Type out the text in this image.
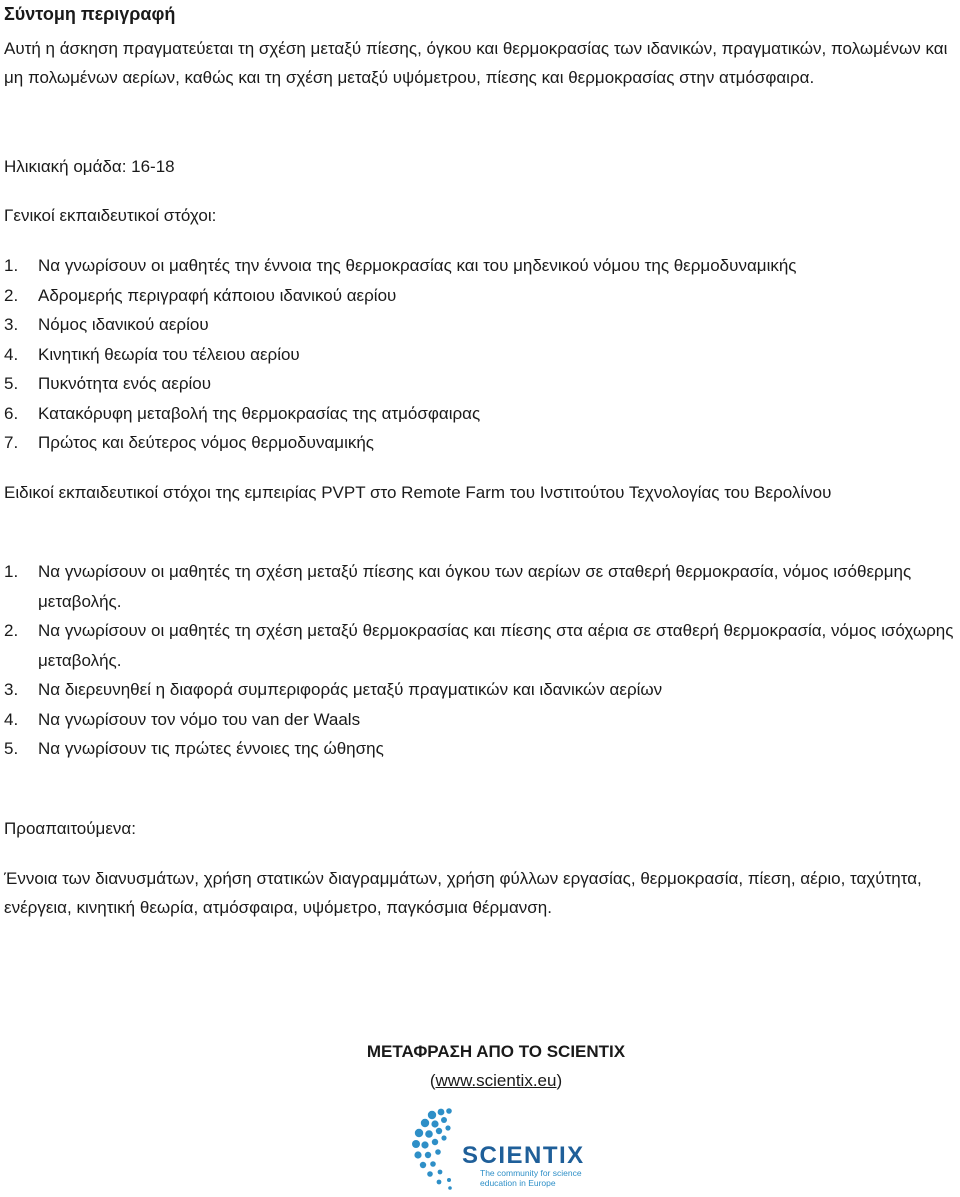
Σύντομη περιγραφή
Αυτή η άσκηση πραγματεύεται τη σχέση μεταξύ πίεσης, όγκου και θερμοκρασίας των ιδανικών, πραγματικών, πολωμένων και μη πολωμένων αερίων, καθώς και τη σχέση μεταξύ υψόμετρου, πίεσης και θερμοκρασίας στην ατμόσφαιρα.
Ηλικιακή ομάδα: 16-18
Γενικοί εκπαιδευτικοί στόχοι:
1.	Να γνωρίσουν οι μαθητές την έννοια της θερμοκρασίας και του μηδενικού νόμου της θερμοδυναμικής
2.	Αδρομερής περιγραφή κάποιου ιδανικού αερίου
3.	Νόμος ιδανικού αερίου
4.	Κινητική θεωρία του τέλειου αερίου
5.	Πυκνότητα ενός αερίου
6.	Κατακόρυφη μεταβολή της θερμοκρασίας της ατμόσφαιρας
7.	Πρώτος και δεύτερος νόμος θερμοδυναμικής
Ειδικοί εκπαιδευτικοί στόχοι της εμπειρίας PVPT στο Remote Farm του Ινστιτούτου Τεχνολογίας του Βερολίνου
1.	Να γνωρίσουν οι μαθητές τη σχέση μεταξύ πίεσης και όγκου των αερίων σε σταθερή θερμοκρασία, νόμος ισόθερμης μεταβολής.
2.	Να γνωρίσουν οι μαθητές τη σχέση μεταξύ θερμοκρασίας και πίεσης στα αέρια σε σταθερή θερμοκρασία, νόμος ισόχωρης μεταβολής.
3.	Να διερευνηθεί η διαφορά συμπεριφοράς μεταξύ πραγματικών και ιδανικών αερίων
4.	Να γνωρίσουν τον νόμο του van der Waals
5.	Να γνωρίσουν τις πρώτες έννοιες της ώθησης
Προαπαιτούμενα:
Έννοια των διανυσμάτων, χρήση στατικών διαγραμμάτων, χρήση φύλλων εργασίας, θερμοκρασία, πίεση, αέριο, ταχύτητα, ενέργεια, κινητική θεωρία, ατμόσφαιρα, υψόμετρο, παγκόσμια θέρμανση.
ΜΕΤΑΦΡΑΣΗ ΑΠΟ ΤΟ SCIENTIX
(www.scientix.eu)
SCIENTIX
The community for science
education in Europe
